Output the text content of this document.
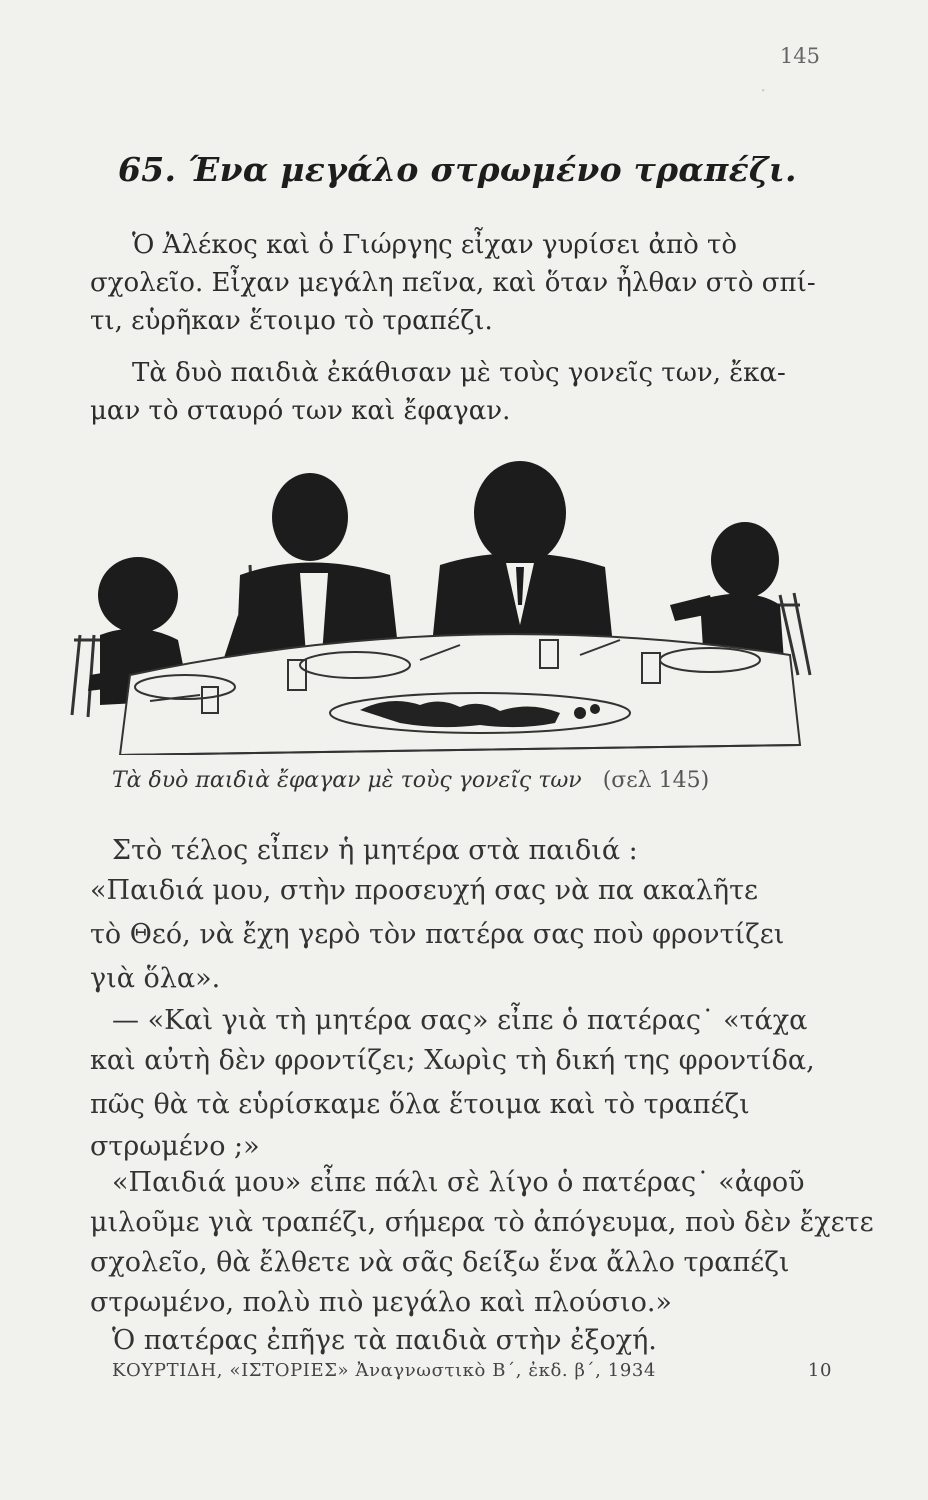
145
·
65. Ένα μεγάλο στρωμένο τραπέζι.
Ὁ Ἀλέκος καὶ ὁ Γιώργης εἶχαν γυρίσει ἀπὸ τὸ
σχολεῖο. Εἶχαν μεγάλη πεῖνα, καὶ ὅταν ἦλθαν στὸ σπί-
τι, εὑρῆκαν ἕτοιμο τὸ τραπέζι.
Τὰ δυὸ παιδιὰ ἐκάθισαν μὲ τοὺς γονεῖς των, ἔκα-
μαν τὸ σταυρό των καὶ ἔφαγαν.
Τὰ δυὸ παιδιὰ ἔφαγαν μὲ τοὺς γονεῖς των (σελ 145)
Στὸ τέλος εἶπεν ἡ μητέρα στὰ παιδιά :
«Παιδιά μου, στὴν προσευχή σας νὰ πα ακαλῆτε
τὸ Θεό, νὰ ἔχη γερὸ τὸν πατέρα σας ποὺ φροντίζει
γιὰ ὅλα».
— «Καὶ γιὰ τὴ μητέρα σας» εἶπε ὁ πατέρας˙ «τάχα
καὶ αὐτὴ δὲν φροντίζει; Χωρὶς τὴ δική της φροντίδα,
πῶς θὰ τὰ εὑρίσκαμε ὅλα ἕτοιμα καὶ τὸ τραπέζι
στρωμένο ;»
«Παιδιά μου» εἶπε πάλι σὲ λίγο ὁ πατέρας˙ «ἀφοῦ
μιλοῦμε γιὰ τραπέζι, σήμερα τὸ ἀπόγευμα, ποὺ δὲν ἔχετε
σχολεῖο, θὰ ἔλθετε νὰ σᾶς δείξω ἕνα ἄλλο τραπέζι
στρωμένο, πολὺ πιὸ μεγάλο καὶ πλούσιο.»
Ὁ πατέρας ἐπῆγε τὰ παιδιὰ στὴν ἐξοχή.
ΚΟΥΡΤΙΔΗ, «ΙΣΤΟΡΙΕΣ» Ἀναγνωστικὸ Β΄, ἐκδ. β΄, 1934	10
